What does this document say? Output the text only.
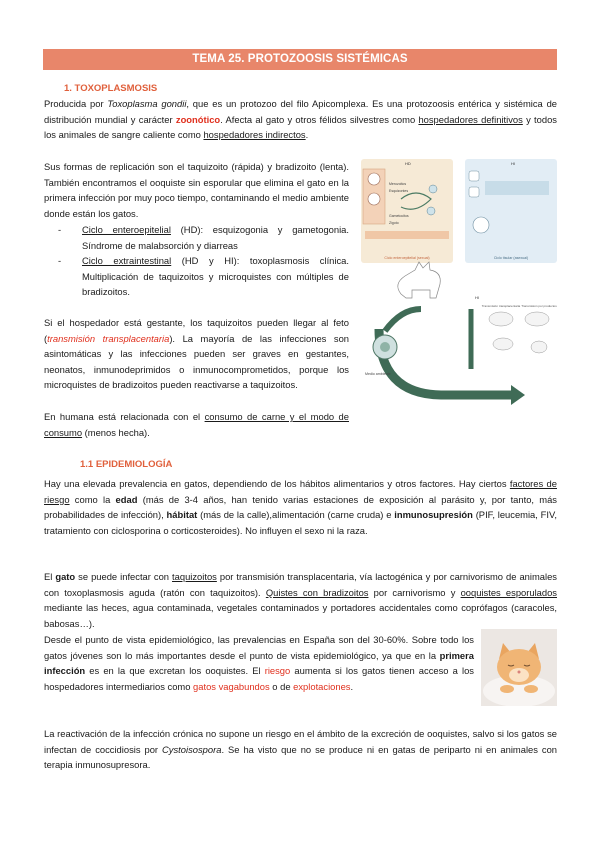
TEMA 25. PROTOZOOSIS SISTÉMICAS
1. TOXOPLASMOSIS

Producida por Toxoplasma gondii, que es un protozoo del filo Apicomplexa. Es una protozoosis entérica y sistémica de distribución mundial y carácter zoonótico. Afecta al gato y otros félidos silvestres como hospedadores definitivos y todos los animales de sangre caliente como hospedadores indirectos.

Sus formas de replicación son el taquizoito (rápida) y bradizoito (lenta). También encontramos el ooquiste sin esporular que elimina el gato en la primera infección por muy poco tiempo, contaminando el medio ambiente donde están los gatos.

- Ciclo enteroepitelial (HD): esquizogonia y gametogonia. Síndrome de malabsorción y diarreas
- Ciclo extraintestinal (HD y HI): toxoplasmosis clínica. Multiplicación de taquizoitos y microquistes con múltiples de bradizoitos.

Si el hospedador está gestante, los taquizoitos pueden llegar al feto (transmisión transplacentaria). La mayoría de las infecciones son asintomáticas y las infecciones pueden ser graves en gestantes, neonatos, inmunodeprimidos o inmunocomprometidos, porque los microquistes de bradizoitos pueden reactivarse a taquizoitos.

En humana está relacionada con el consumo de carne y el modo de consumo (menos hecha).

HD	HI
Merozoitos
Esquizontes
Gametocitos
Zigoto
Ciclo enteroepitelial (sexual)	Ciclo tisular (asexual)
Medio ambiente
HI
Transmisión transplacentaria Transmisión por productos
1.1 EPIDEMIOLOGÍA

Hay una elevada prevalencia en gatos, dependiendo de los hábitos alimentarios y otros factores. Hay ciertos factores de riesgo como la edad (más de 3-4 años, han tenido varias estaciones de exposición al parásito y, por tanto, más probabilidades de infección), hábitat (más de la calle),alimentación (carne cruda) e inmunosupresión (PIF, leucemia, FIV, tratamiento con ciclosporina o corticosteroides). No influyen el sexo ni la raza.

El gato se puede infectar con taquizoitos por transmisión transplacentaria, vía lactogénica y por carnivorismo de animales con toxoplasmosis aguda (ratón con taquizoitos). Quistes con bradizoitos por carnivorismo y ooquistes esporulados mediante las heces, agua contaminada, vegetales contaminados y portadores accidentales como coprófagos (caracoles, babosas…).

Desde el punto de vista epidemiológico, las prevalencias en España son del 30-60%. Sobre todo los gatos jóvenes son lo más importantes desde el punto de vista epidemiológico, ya que en la primera infección es en la que excretan los ooquistes. El riesgo aumenta si los gatos tienen acceso a los hospedadores intermediarios como gatos vagabundos o de explotaciones.

La reactivación de la infección crónica no supone un riesgo en el ámbito de la excreción de ooquistes, salvo si los gatos se infectan de coccidiosis por Cystoisospora. Se ha visto que no se produce ni en gatas de periparto ni en animales con terapia inmunosupresora.
